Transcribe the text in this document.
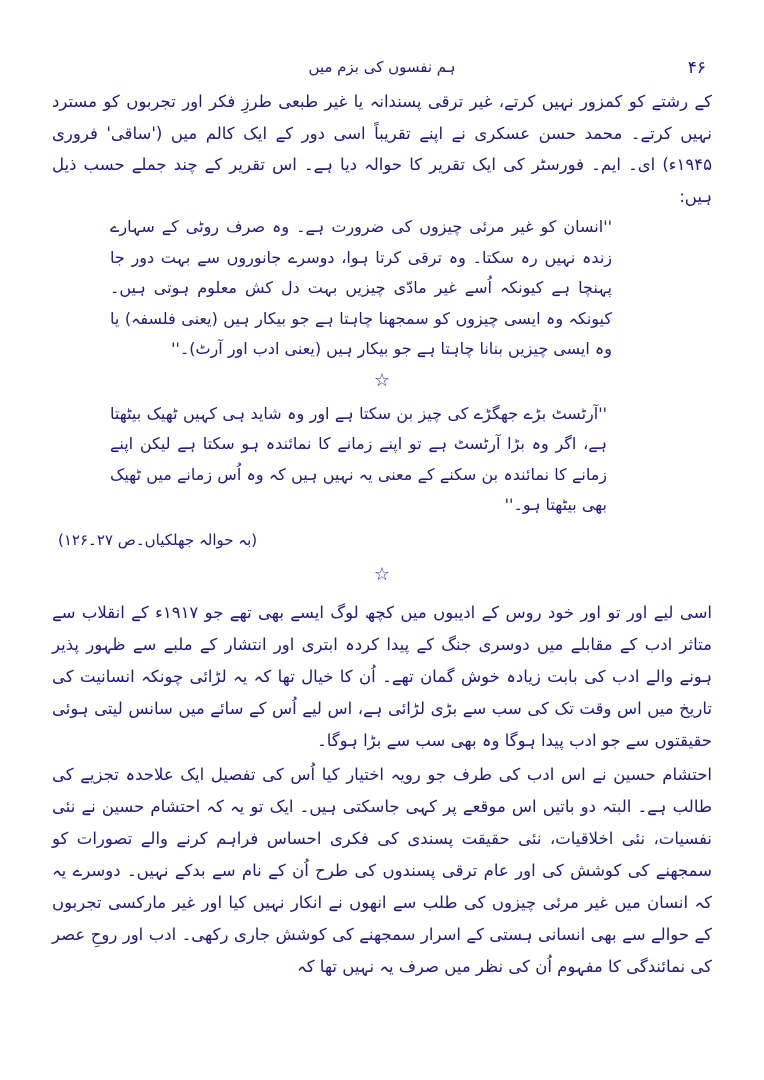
۴۶
ہم نفسوں کی بزم میں

کے رشتے کو کمزور نہیں کرتے، غیر ترقی پسندانہ یا غیر طبعی طرزِ فکر اور تجربوں کو مسترد نہیں کرتے۔ محمد حسن عسکری نے اپنے تقریباً اسی دور کے ایک کالم میں ('ساقی' فروری ۱۹۴۵ء) ای۔ ایم۔ فورسٹر کی ایک تقریر کا حوالہ دیا ہے۔ اس تقریر کے چند جملے حسب ذیل ہیں:

''انسان کو غیر مرئی چیزوں کی ضرورت ہے۔ وہ صرف روٹی کے سہارے زندہ نہیں رہ سکتا۔ وہ ترقی کرتا ہوا، دوسرے جانوروں سے بہت دور جا پہنچا ہے کیونکہ اُسے غیر مادّی چیزیں بہت دل کش معلوم ہوتی ہیں۔ کیونکہ وہ ایسی چیزوں کو سمجھنا چاہتا ہے جو بیکار ہیں (یعنی فلسفہ) یا وہ ایسی چیزیں بنانا چاہتا ہے جو بیکار ہیں (یعنی ادب اور آرٹ)۔''

☆

''آرٹسٹ بڑے جھگڑے کی چیز بن سکتا ہے اور وہ شاید ہی کہیں ٹھیک بیٹھتا ہے، اگر وہ بڑا آرٹسٹ ہے تو اپنے زمانے کا نمائندہ ہو سکتا ہے لیکن اپنے زمانے کا نمائندہ بن سکنے کے معنی یہ نہیں ہیں کہ وہ اُس زمانے میں ٹھیک بھی بیٹھتا ہو۔''

(بہ حوالہ جھلکیاں۔ص ۲۷۔۱۲۶)

☆

اسی لیے اور تو اور خود روس کے ادیبوں میں کچھ لوگ ایسے بھی تھے جو ۱۹۱۷ء کے انقلاب سے متاثر ادب کے مقابلے میں دوسری جنگ کے پیدا کردہ ابتری اور انتشار کے ملبے سے ظہور پذیر ہونے والے ادب کی بابت زیادہ خوش گمان تھے۔ اُن کا خیال تھا کہ یہ لڑائی چونکہ انسانیت کی تاریخ میں اس وقت تک کی سب سے بڑی لڑائی ہے، اس لیے اُس کے سائے میں سانس لیتی ہوئی حقیقتوں سے جو ادب پیدا ہوگا وہ بھی سب سے بڑا ہوگا۔

احتشام حسین نے اس ادب کی طرف جو رویہ اختیار کیا اُس کی تفصیل ایک علاحدہ تجزیے کی طالب ہے۔ البتہ دو باتیں اس موقعے پر کہی جاسکتی ہیں۔ ایک تو یہ کہ احتشام حسین نے نئی نفسیات، نئی اخلاقیات، نئی حقیقت پسندی کی فکری احساس فراہم کرنے والے تصورات کو سمجھنے کی کوشش کی اور عام ترقی پسندوں کی طرح اُن کے نام سے بدکے نہیں۔ دوسرے یہ کہ انسان میں غیر مرئی چیزوں کی طلب سے انھوں نے انکار نہیں کیا اور غیر مارکسی تجربوں کے حوالے سے بھی انسانی ہستی کے اسرار سمجھنے کی کوشش جاری رکھی۔ ادب اور روحِ عصر کی نمائندگی کا مفہوم اُن کی نظر میں صرف یہ نہیں تھا کہ
